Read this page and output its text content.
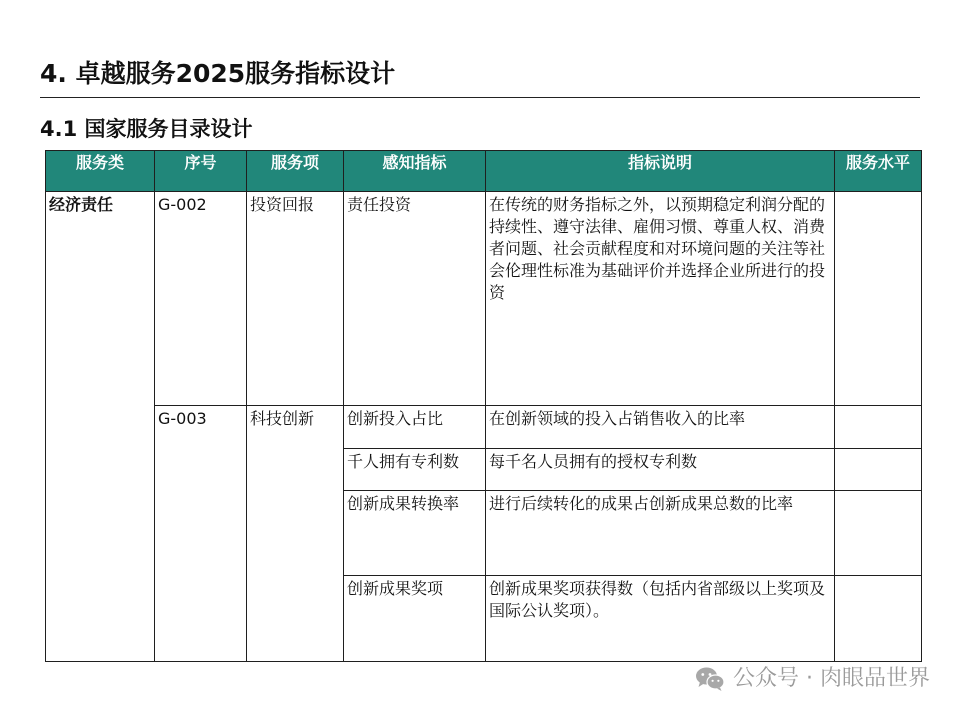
4. 卓越服务2025服务指标设计
4.1 国家服务目录设计
服务类	序号	服务项	感知指标	指标说明	服务水平
经济责任	G-002	投资回报	责任投资	在传统的财务指标之外，以预期稳定利润分配的持续性、遵守法律、雇佣习惯、尊重人权、消费者问题、社会贡献程度和对环境问题的关注等社会伦理性标准为基础评价并选择企业所进行的投资	
	G-003	科技创新	创新投入占比	在创新领域的投入占销售收入的比率	
			千人拥有专利数	每千名人员拥有的授权专利数	
			创新成果转换率	进行后续转化的成果占创新成果总数的比率	
			创新成果奖项	创新成果奖项获得数（包括内省部级以上奖项及国际公认奖项）。	
公众号 · 肉眼品世界
